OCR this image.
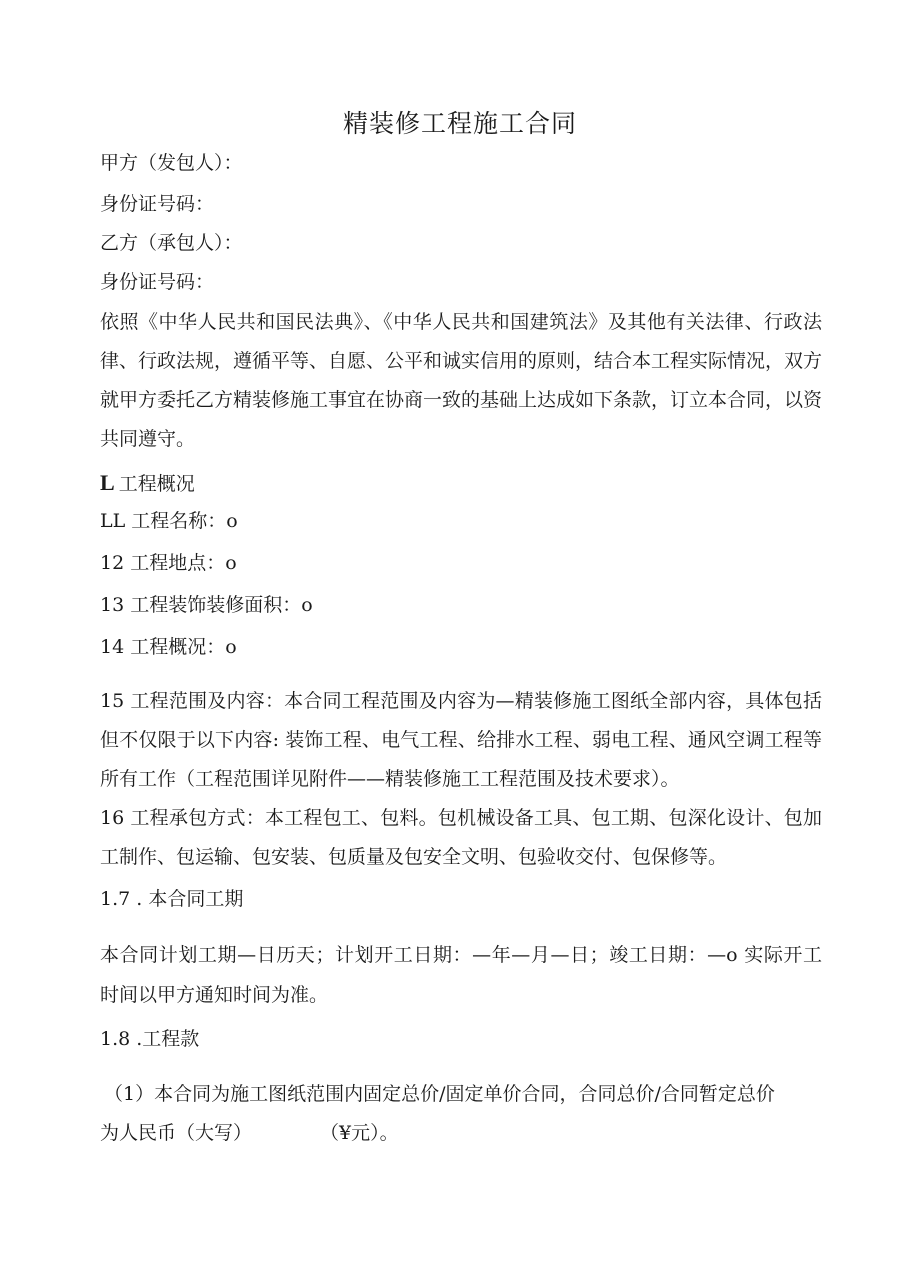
精装修工程施工合同
甲方（发包人）：
身份证号码：
乙方（承包人）：
身份证号码：
依照《中华人民共和国民法典》、《中华人民共和国建筑法》及其他有关法律、行政法
律、行政法规，遵循平等、自愿、公平和诚实信用的原则，结合本工程实际情况，双方
就甲方委托乙方精装修施工事宜在协商一致的基础上达成如下条款，订立本合同，以资
共同遵守。
L 工程概况
LL 工程名称：o
12 工程地点：o
13 工程装饰装修面积：o
14 工程概况：o
15 工程范围及内容：本合同工程范围及内容为—精装修施工图纸全部内容，具体包括
但不仅限于以下内容: 装饰工程、电气工程、给排水工程、弱电工程、通风空调工程等
所有工作（工程范围详见附件——精装修施工工程范围及技术要求）。
16 工程承包方式：本工程包工、包料。包机械设备工具、包工期、包深化设计、包加
工制作、包运输、包安装、包质量及包安全文明、包验收交付、包保修等。
1.7 . 本合同工期
本合同计划工期—日历天；计划开工日期：—年—月—日；竣工日期：—o 实际开工
时间以甲方通知时间为准。
1.8 .工程款
（1）本合同为施工图纸范围内固定总价/固定单价合同，合同总价/合同暂定总价
为人民币（大写）	（¥元）。
